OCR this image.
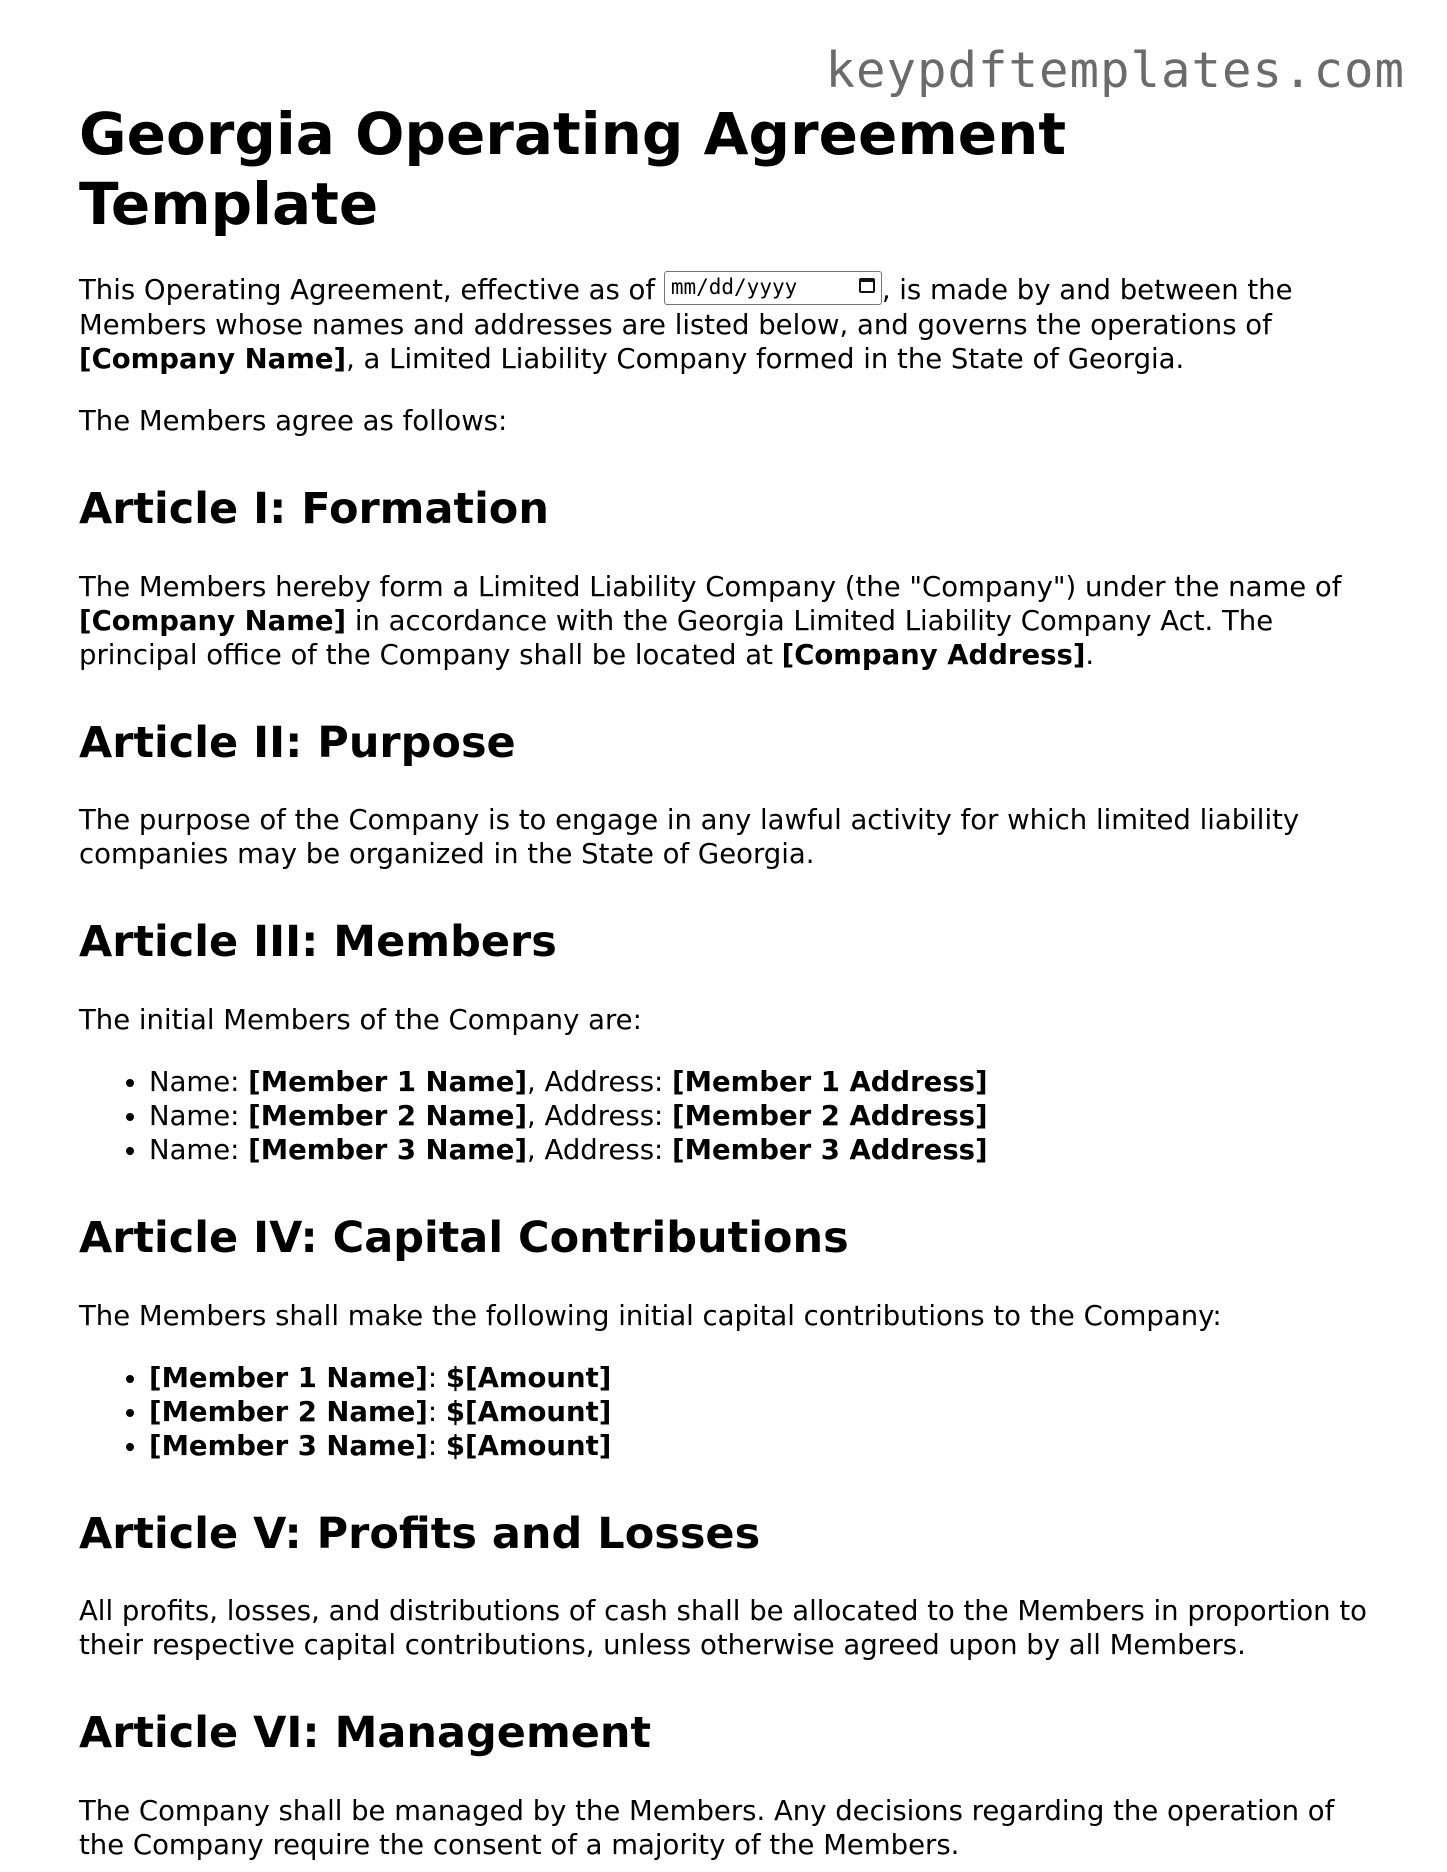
keypdftemplates.com
Georgia Operating Agreement Template

This Operating Agreement, effective as of mm/dd/yyyy	, is made by and between the Members whose names and addresses are listed below, and governs the operations of [Company Name], a Limited Liability Company formed in the State of Georgia.

The Members agree as follows:

Article I: Formation

The Members hereby form a Limited Liability Company (the "Company") under the name of [Company Name] in accordance with the Georgia Limited Liability Company Act. The principal office of the Company shall be located at [Company Address].

Article II: Purpose

The purpose of the Company is to engage in any lawful activity for which limited liability companies may be organized in the State of Georgia.

Article III: Members

The initial Members of the Company are:

• Name: [Member 1 Name], Address: [Member 1 Address]
• Name: [Member 2 Name], Address: [Member 2 Address]
• Name: [Member 3 Name], Address: [Member 3 Address]
Article IV: Capital Contributions

The Members shall make the following initial capital contributions to the Company:

• [Member 1 Name]: $[Amount]
• [Member 2 Name]: $[Amount]
• [Member 3 Name]: $[Amount]
Article V: Profits and Losses

All profits, losses, and distributions of cash shall be allocated to the Members in proportion to their respective capital contributions, unless otherwise agreed upon by all Members.

Article VI: Management

The Company shall be managed by the Members. Any decisions regarding the operation of the Company require the consent of a majority of the Members.
